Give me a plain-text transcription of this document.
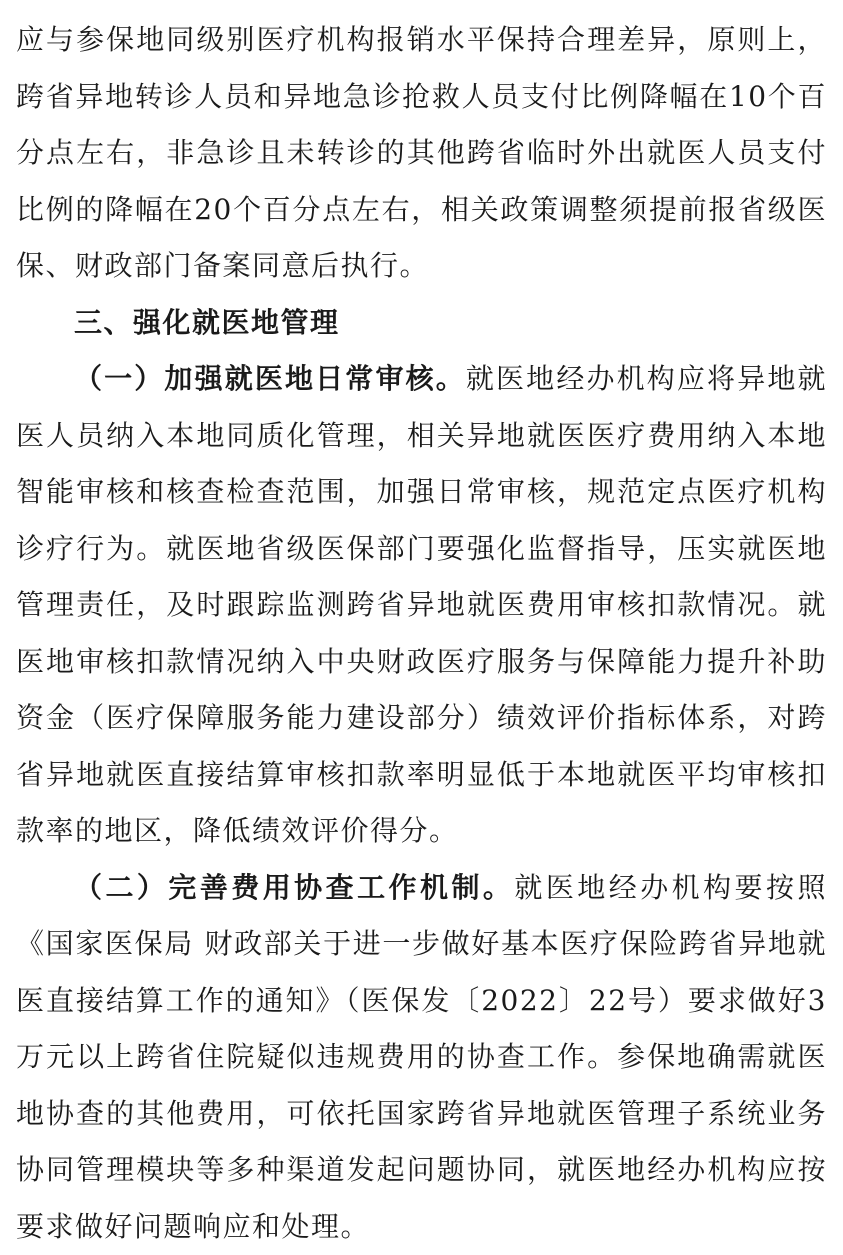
应与参保地同级别医疗机构报销水平保持合理差异，原则上，跨省异地转诊人员和异地急诊抢救人员支付比例降幅在10个百分点左右，非急诊且未转诊的其他跨省临时外出就医人员支付比例的降幅在20个百分点左右，相关政策调整须提前报省级医保、财政部门备案同意后执行。

三、强化就医地管理

（一）加强就医地日常审核。就医地经办机构应将异地就医人员纳入本地同质化管理，相关异地就医医疗费用纳入本地智能审核和核查检查范围，加强日常审核，规范定点医疗机构诊疗行为。就医地省级医保部门要强化监督指导，压实就医地管理责任，及时跟踪监测跨省异地就医费用审核扣款情况。就医地审核扣款情况纳入中央财政医疗服务与保障能力提升补助资金（医疗保障服务能力建设部分）绩效评价指标体系，对跨省异地就医直接结算审核扣款率明显低于本地就医平均审核扣款率的地区，降低绩效评价得分。

（二）完善费用协查工作机制。就医地经办机构要按照《国家医保局 财政部关于进一步做好基本医疗保险跨省异地就医直接结算工作的通知》（医保发〔2022〕22号）要求做好3万元以上跨省住院疑似违规费用的协查工作。参保地确需就医地协查的其他费用，可依托国家跨省异地就医管理子系统业务协同管理模块等多种渠道发起问题协同，就医地经办机构应按要求做好问题响应和处理。
